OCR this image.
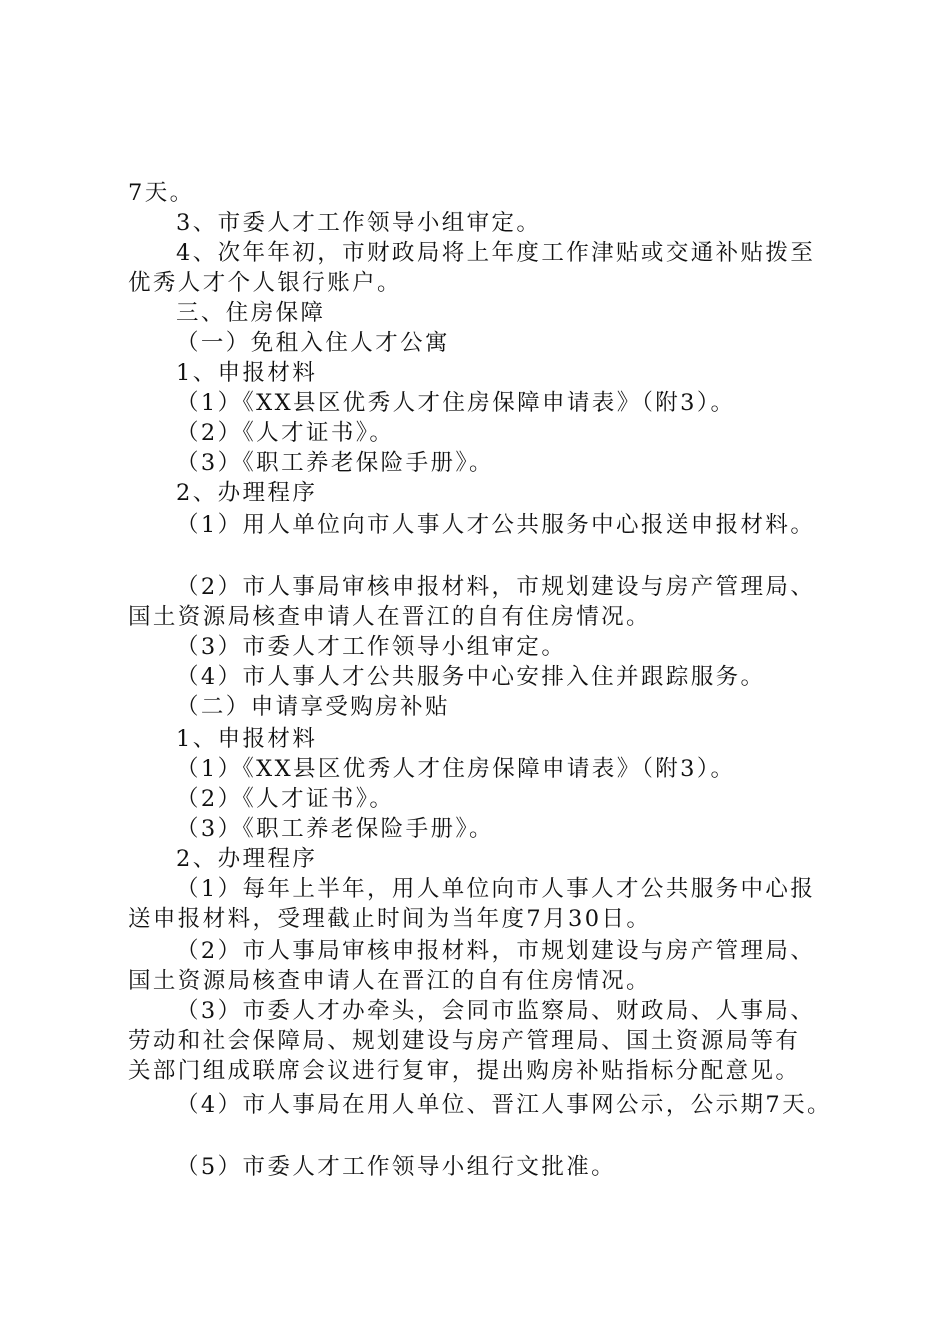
7天。
3、市委人才工作领导小组审定。
4、次年年初，市财政局将上年度工作津贴或交通补贴拨至
优秀人才个人银行账户。
三、住房保障
（一）免租入住人才公寓
1、申报材料
（1）《XX县区优秀人才住房保障申请表》（附3）。
（2）《人才证书》。
（3）《职工养老保险手册》。
2、办理程序
（1）用人单位向市人事人才公共服务中心报送申报材料。
（2）市人事局审核申报材料，市规划建设与房产管理局、
国土资源局核查申请人在晋江的自有住房情况。
（3）市委人才工作领导小组审定。
（4）市人事人才公共服务中心安排入住并跟踪服务。
（二）申请享受购房补贴
1、申报材料
（1）《XX县区优秀人才住房保障申请表》（附3）。
（2）《人才证书》。
（3）《职工养老保险手册》。
2、办理程序
（1）每年上半年，用人单位向市人事人才公共服务中心报
送申报材料，受理截止时间为当年度7月30日。
（2）市人事局审核申报材料，市规划建设与房产管理局、
国土资源局核查申请人在晋江的自有住房情况。
（3）市委人才办牵头，会同市监察局、财政局、人事局、
劳动和社会保障局、规划建设与房产管理局、国土资源局等有
关部门组成联席会议进行复审，提出购房补贴指标分配意见。
（4）市人事局在用人单位、晋江人事网公示，公示期7天。
（5）市委人才工作领导小组行文批准。
